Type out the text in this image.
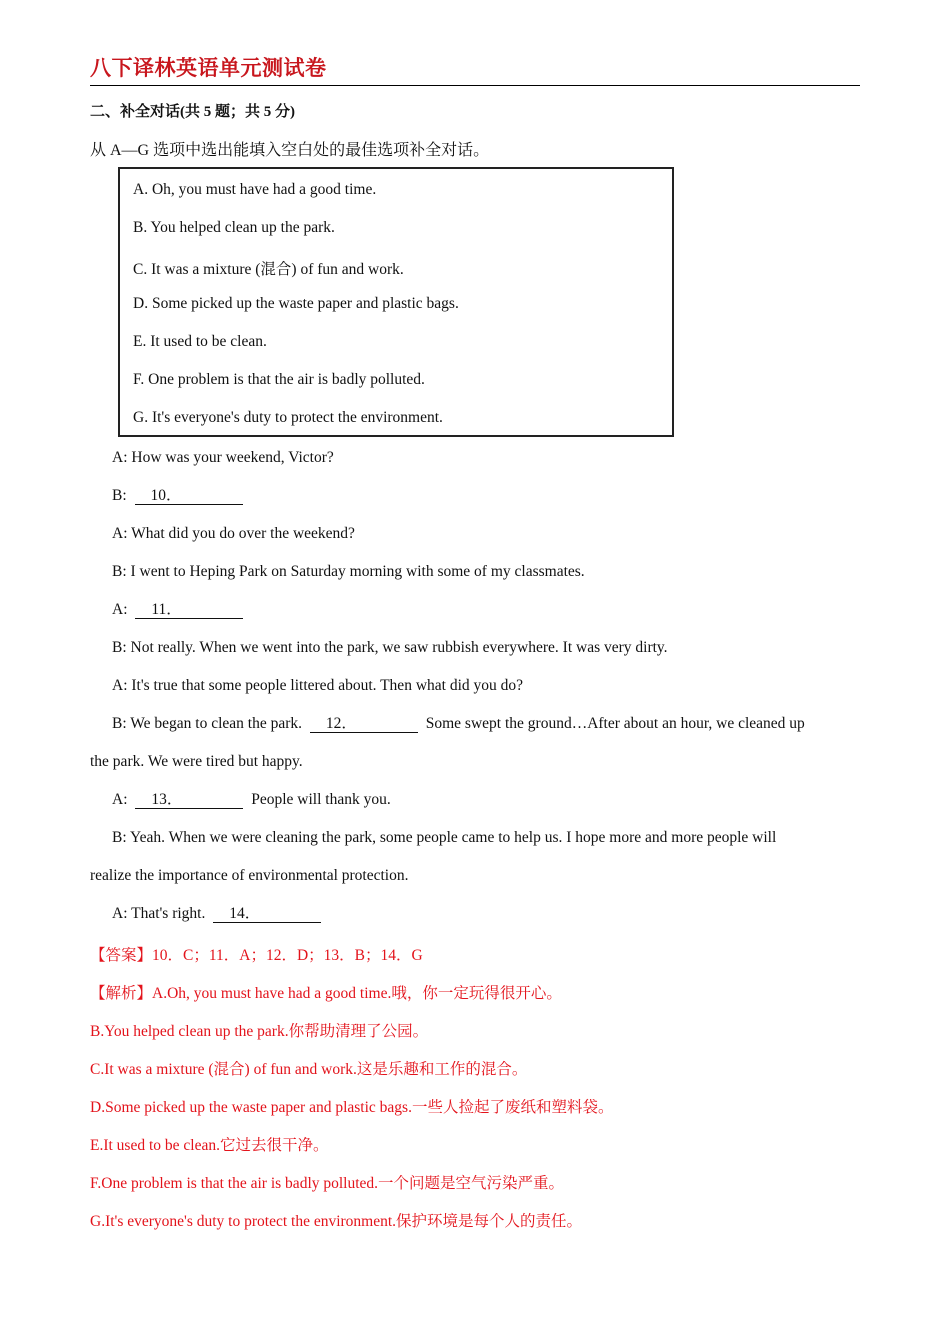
八下译林英语单元测试卷
二、补全对话(共 5 题；共 5 分)
从 A—G 选项中选出能填入空白处的最佳选项补全对话。
A. Oh, you must have had a good time.
B. You helped clean up the park.
C. It was a mixture (混合) of fun and work.
D. Some picked up the waste paper and plastic bags.
E. It used to be clean.
F. One problem is that the air is badly polluted.
G. It's everyone's duty to protect the environment.
A: How was your weekend, Victor?
B: 10．
A: What did you do over the weekend?
B: I went to Heping Park on Saturday morning with some of my classmates.
A: 11．
B: Not really. When we went into the park, we saw rubbish everywhere. It was very dirty.
A: It's true that some people littered about. Then what did you do?
B: We began to clean the park. 12．	Some swept the ground…After about an hour, we cleaned up
the park. We were tired but happy.
A: 13．	People will thank you.
B: Yeah. When we were cleaning the park, some people came to help us. I hope more and more people will
realize the importance of environmental protection.
A: That's right. 14．
【答案】10．C；11．A；12．D；13．B；14．G
【解析】A.Oh, you must have had a good time.哦，你一定玩得很开心。
B.You helped clean up the park.你帮助清理了公园。
C.It was a mixture (混合) of fun and work.这是乐趣和工作的混合。
D.Some picked up the waste paper and plastic bags.一些人捡起了废纸和塑料袋。
E.It used to be clean.它过去很干净。
F.One problem is that the air is badly polluted.一个问题是空气污染严重。
G.It's everyone's duty to protect the environment.保护环境是每个人的责任。
